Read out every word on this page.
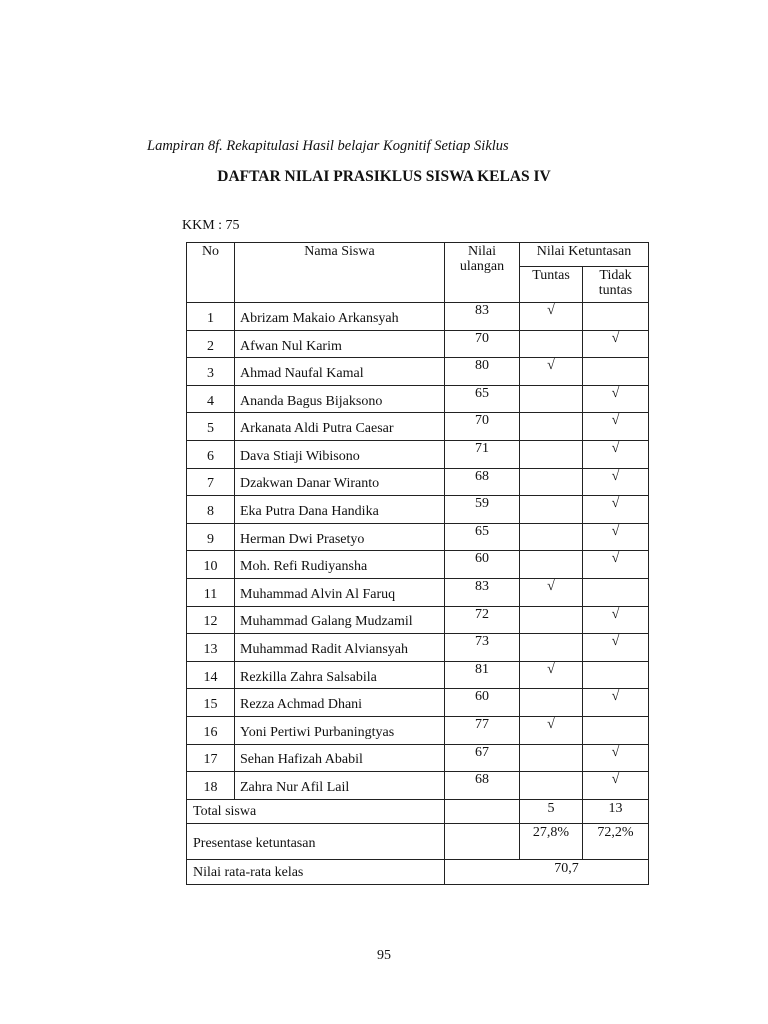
Lampiran 8f. Rekapitulasi Hasil belajar Kognitif Setiap Siklus
DAFTAR NILAI PRASIKLUS SISWA KELAS IV
KKM : 75
No	Nama Siswa	Nilai ulangan	Nilai Ketuntasan	
			Tuntas	Tidak tuntas
1	Abrizam Makaio Arkansyah	83	√	
2	Afwan Nul Karim	70		√
3	Ahmad Naufal Kamal	80	√	
4	Ananda Bagus Bijaksono	65		√
5	Arkanata Aldi Putra Caesar	70		√
6	Dava Stiaji Wibisono	71		√
7	Dzakwan Danar Wiranto	68		√
8	Eka Putra Dana Handika	59		√
9	Herman Dwi Prasetyo	65		√
10	Moh. Refi Rudiyansha	60		√
11	Muhammad Alvin Al Faruq	83	√	
12	Muhammad Galang Mudzamil	72		√
13	Muhammad Radit Alviansyah	73		√
14	Rezkilla Zahra Salsabila	81	√	
15	Rezza Achmad Dhani	60		√
16	Yoni Pertiwi Purbaningtyas	77	√	
17	Sehan Hafizah Ababil	67		√
18	Zahra Nur Afil Lail	68		√
Total siswa			5	13
Presentase ketuntasan			27,8%	72,2%
Nilai rata-rata kelas		70,7		
95
